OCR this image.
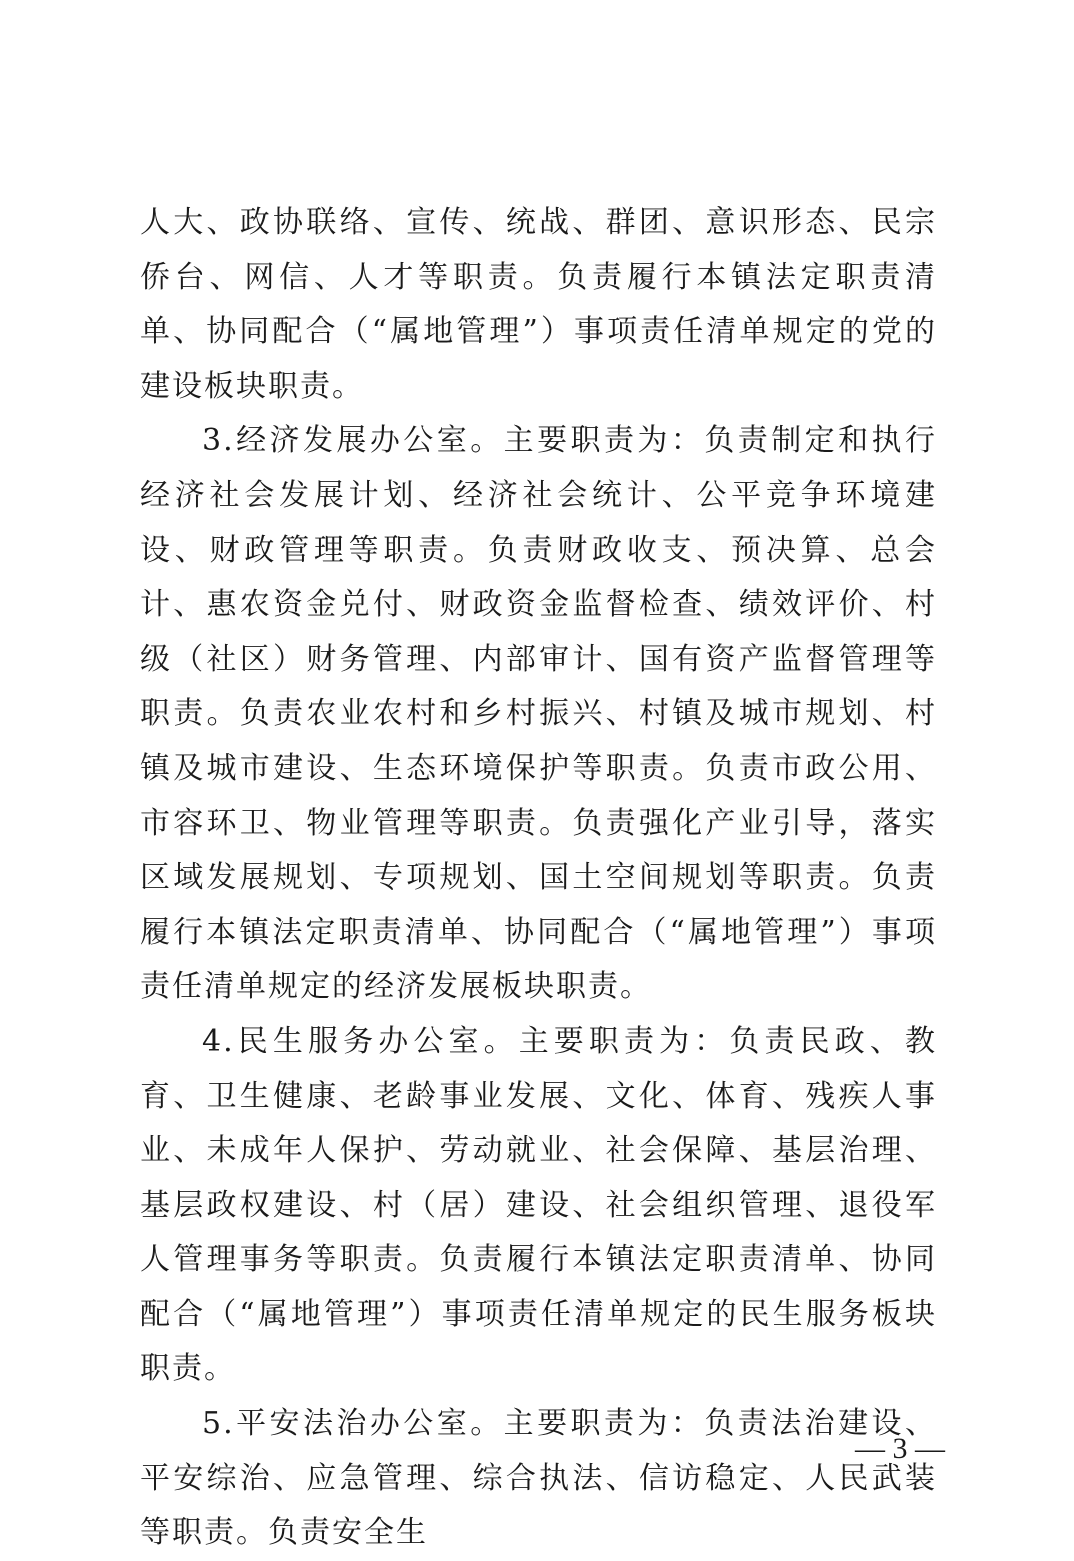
人大、政协联络、宣传、统战、群团、意识形态、民宗侨台、网信、人才等职责。负责履行本镇法定职责清单、协同配合（“属地管理”）事项责任清单规定的党的建设板块职责。

3.经济发展办公室。主要职责为：负责制定和执行经济社会发展计划、经济社会统计、公平竞争环境建设、财政管理等职责。负责财政收支、预决算、总会计、惠农资金兑付、财政资金监督检查、绩效评价、村级（社区）财务管理、内部审计、国有资产监督管理等职责。负责农业农村和乡村振兴、村镇及城市规划、村镇及城市建设、生态环境保护等职责。负责市政公用、市容环卫、物业管理等职责。负责强化产业引导，落实区域发展规划、专项规划、国土空间规划等职责。负责履行本镇法定职责清单、协同配合（“属地管理”）事项责任清单规定的经济发展板块职责。

4.民生服务办公室。主要职责为：负责民政、教育、卫生健康、老龄事业发展、文化、体育、残疾人事业、未成年人保护、劳动就业、社会保障、基层治理、基层政权建设、村（居）建设、社会组织管理、退役军人管理事务等职责。负责履行本镇法定职责清单、协同配合（“属地管理”）事项责任清单规定的民生服务板块职责。

5.平安法治办公室。主要职责为：负责法治建设、平安综治、应急管理、综合执法、信访稳定、人民武装等职责。负责安全生

— 3 —
